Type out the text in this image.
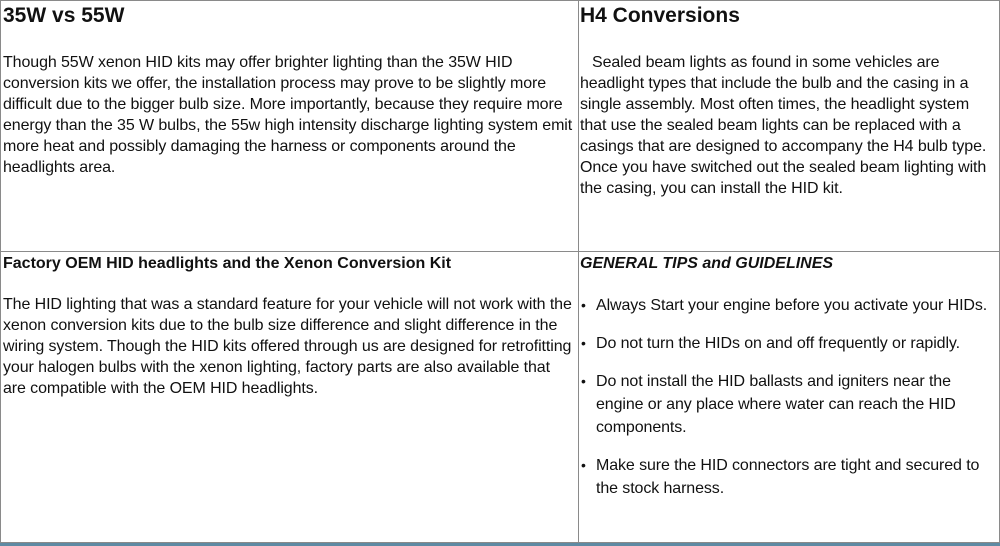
35W vs 55W

Though 55W xenon HID kits may offer brighter lighting than the 35W HID conversion kits we offer, the installation process may prove to be slightly more difficult due to the bigger bulb size. More importantly, because they require more energy than the 35 W bulbs, the 55w high intensity discharge lighting system emit more heat and possibly damaging the harness or components around the headlights area.

H4 Conversions

Sealed beam lights as found in some vehicles are headlight types that include the bulb and the casing in a single assembly. Most often times, the headlight system that use the sealed beam lights can be replaced with a casings that are designed to accompany the H4 bulb type. Once you have switched out the sealed beam lighting with the casing, you can install the HID kit.

Factory OEM HID headlights and the Xenon Conversion Kit

The HID lighting that was a standard feature for your vehicle will not work with the xenon conversion kits due to the bulb size difference and slight difference in the wiring system. Though the HID kits offered through us are designed for retrofitting your halogen bulbs with the xenon lighting, factory parts are also available that are compatible with the OEM HID headlights.

GENERAL TIPS and GUIDELINES
• Always Start your engine before you activate your HIDs.
• Do not turn the HIDs on and off frequently or rapidly.
• Do not install the HID ballasts and igniters near the engine or any place where water can reach the HID components.
• Make sure the HID connectors are tight and secured to the stock harness.
